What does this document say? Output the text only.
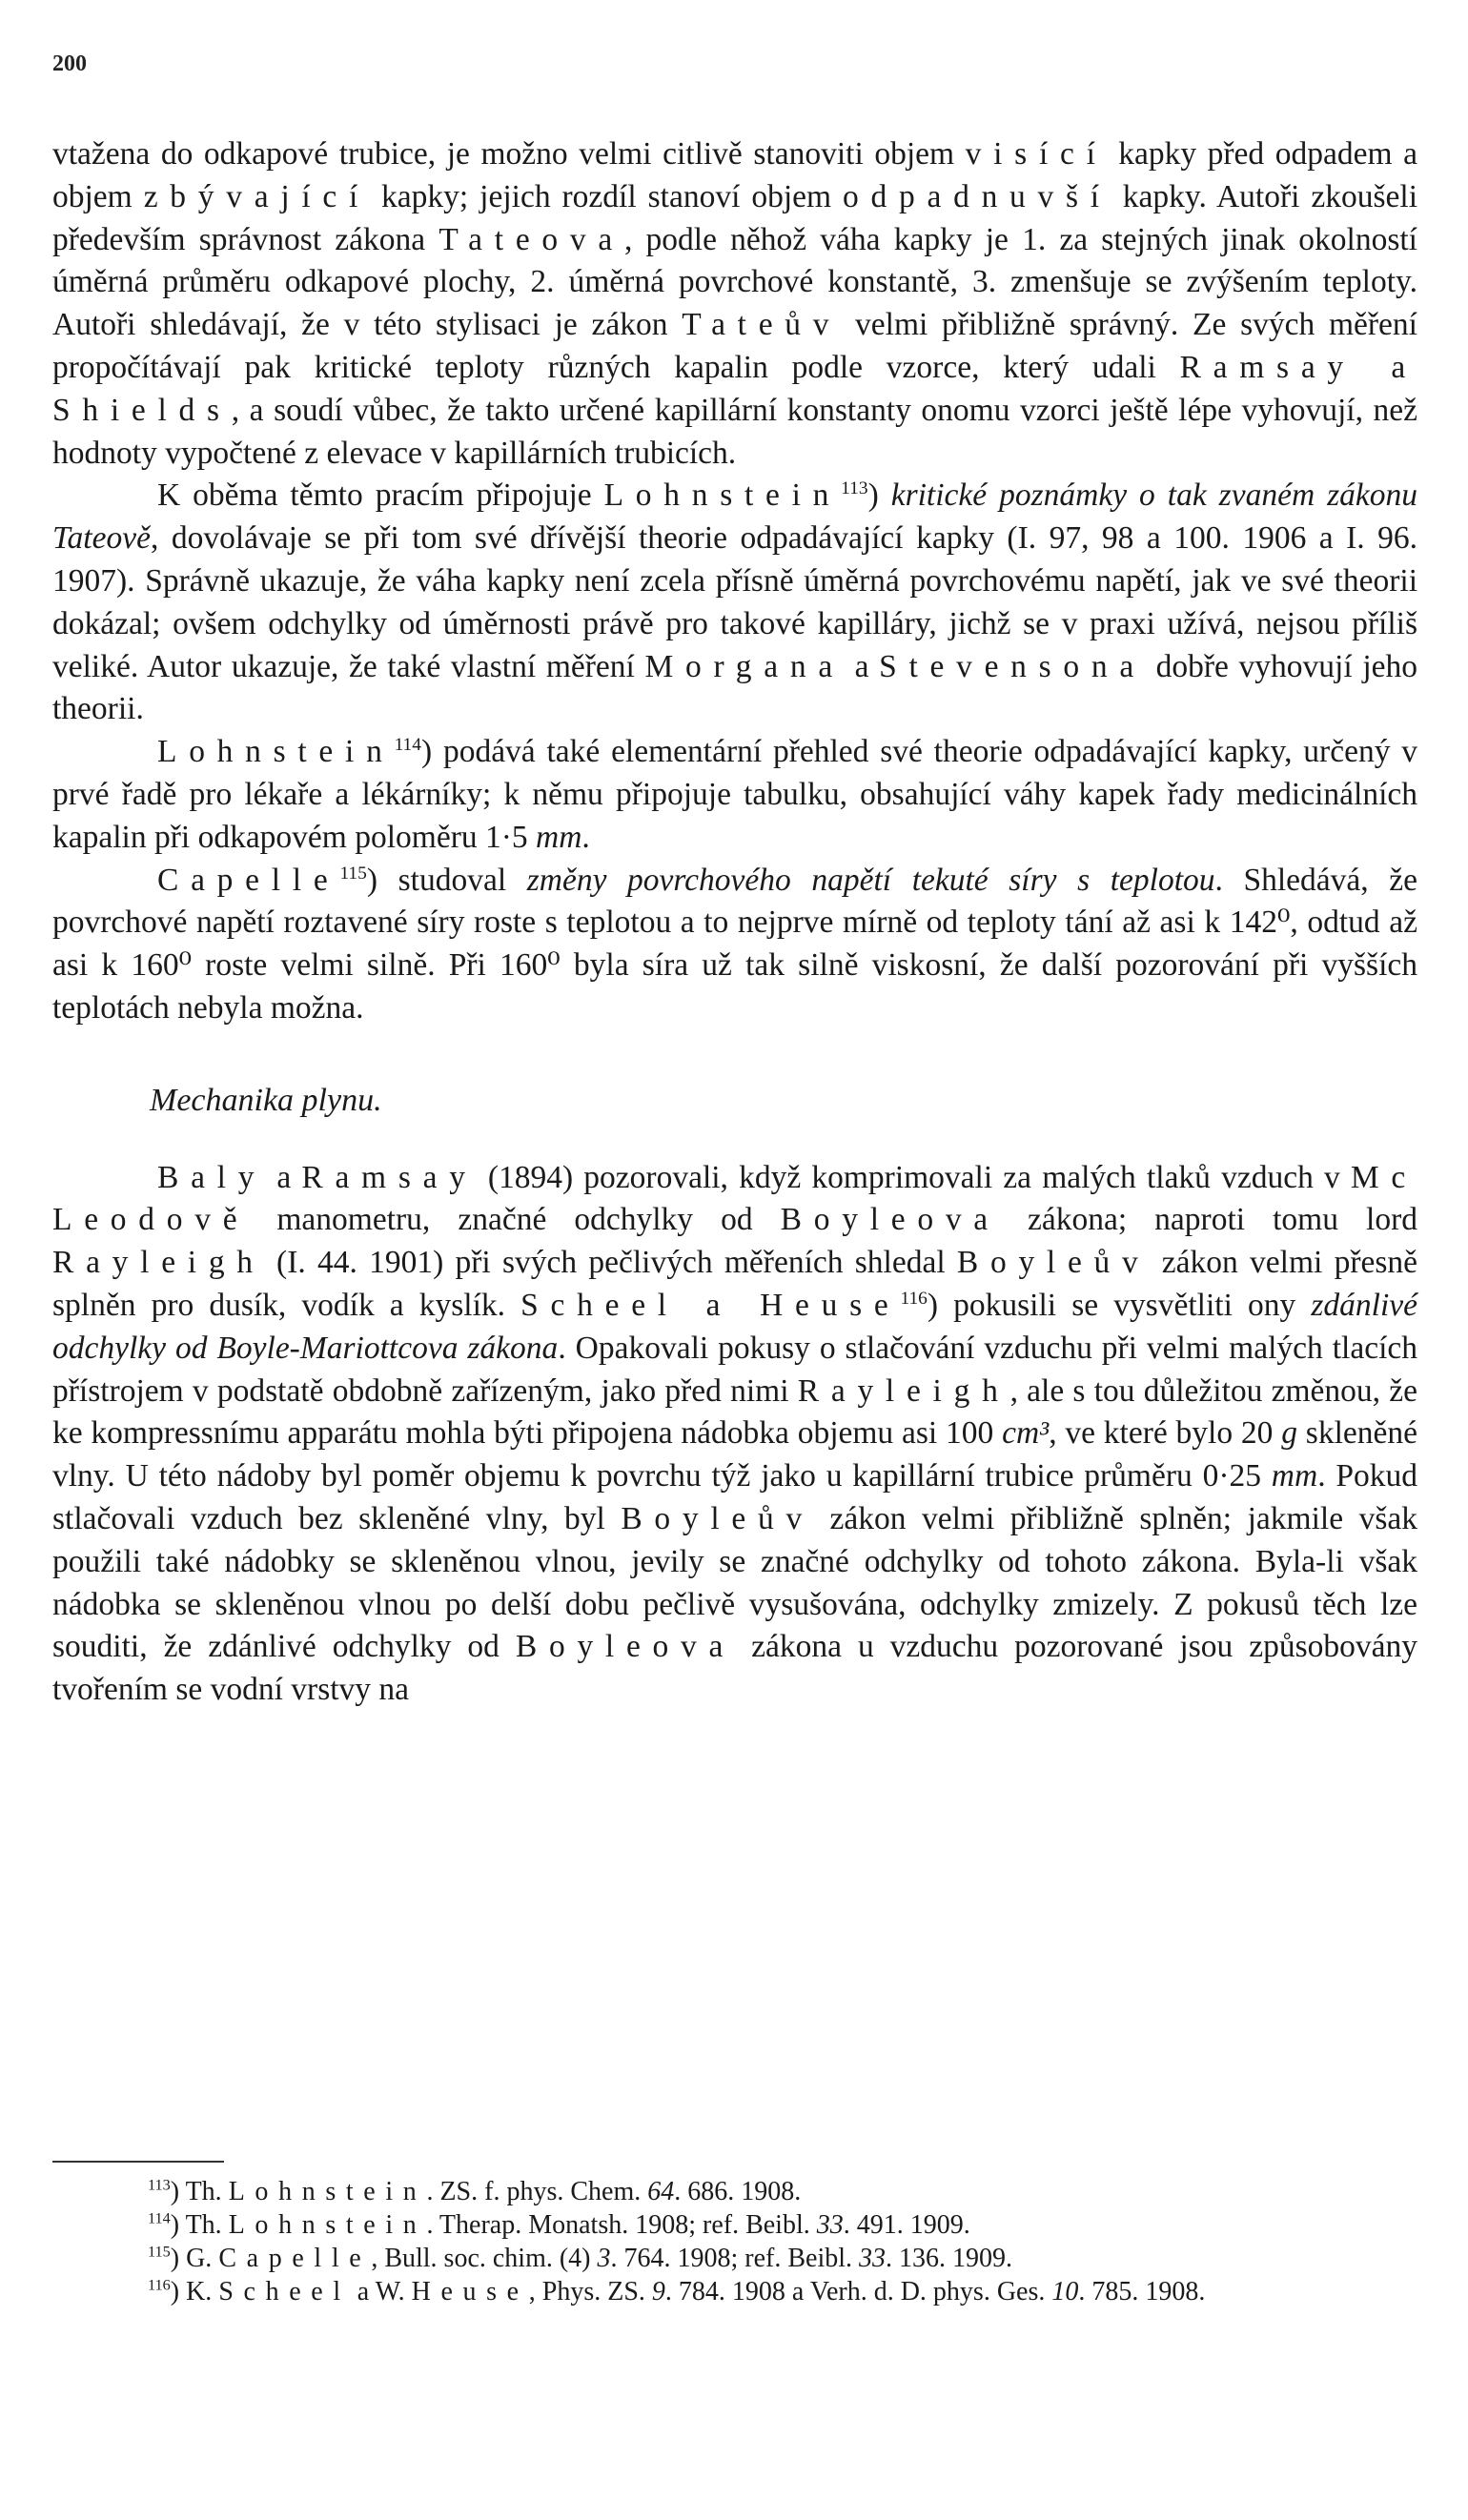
200

vtažena do odkapové trubice, je možno velmi citlivě stanoviti objem visící kapky před odpadem a objem zbývající kapky; jejich rozdíl stanoví objem odpadnuvší kapky. Autoři zkoušeli především správnost zákona Tateova, podle něhož váha kapky je 1. za stejných jinak okolností úměrná průměru odkapové plochy, 2. úměrná povrchové konstantě, 3. zmenšuje se zvýšením teploty. Autoři shledávají, že v této stylisaci je zákon Tateův velmi přibližně správný. Ze svých měření propočítávají pak kritické teploty různých kapalin podle vzorce, který udali Ramsay a Shields, a soudí vůbec, že takto určené kapillární konstanty onomu vzorci ještě lépe vyhovují, než hodnoty vypočtené z elevace v kapillárních trubicích.

K oběma těmto pracím připojuje Lohnstein$^{113}$) kritické poznámky o tak zvaném zákonu Tateově, dovolávaje se při tom své dřívější theorie odpadávající kapky (I. 97, 98 a 100. 1906 a I. 96. 1907). Správně ukazuje, že váha kapky není zcela přísně úměrná povrchovému napětí, jak ve své theorii dokázal; ovšem odchylky od úměrnosti právě pro takové kapilláry, jichž se v praxi užívá, nejsou příliš veliké. Autor ukazuje, že také vlastní měření Morgana a Stevensona dobře vyhovují jeho theorii.

Lohnstein$^{114}$) podává také elementární přehled své theorie odpadávající kapky, určený v prvé řadě pro lékaře a lékárníky; k němu připojuje tabulku, obsahující váhy kapek řady medicinálních kapalin při odkapovém poloměru 1·5 mm.

Capelle$^{115}$) studoval změny povrchového napětí tekuté síry s teplotou. Shledává, že povrchové napětí roztavené síry roste s teplotou a to nejprve mírně od teploty tání až asi k 142⁰, odtud až asi k 160⁰ roste velmi silně. Při 160⁰ byla síra už tak silně viskosní, že další pozorování při vyšších teplotách nebyla možna.

Mechanika plynu.

Baly a Ramsay (1894) pozorovali, když komprimovali za malých tlaků vzduch v Mc Leodově manometru, značné odchylky od Boyleova zákona; naproti tomu lord Rayleigh (I. 44. 1901) při svých pečlivých měřeních shledal Boyleův zákon velmi přesně splněn pro dusík, vodík a kyslík. Scheel a Heuse$^{116}$) pokusili se vysvětliti ony zdánlivé odchylky od Boyle-Mariottcova zákona. Opakovali pokusy o stlačování vzduchu při velmi malých tlacích přístrojem v podstatě obdobně zařízeným, jako před nimi Rayleigh, ale s tou důležitou změnou, že ke kompressnímu apparátu mohla býti připojena nádobka objemu asi 100 cm³, ve které bylo 20 g skleněné vlny. U této nádoby byl poměr objemu k povrchu týž jako u kapillární trubice průměru 0·25 mm. Pokud stlačovali vzduch bez skleněné vlny, byl Boyleův zákon velmi přibližně splněn; jakmile však použili také nádobky se skleněnou vlnou, jevily se značné odchylky od tohoto zákona. Byla-li však nádobka se skleněnou vlnou po delší dobu pečlivě vysušována, odchylky zmizely. Z pokusů těch lze souditi, že zdánlivé odchylky od Boyleova zákona u vzduchu pozorované jsou způsobovány tvořením se vodní vrstvy na

$^{113}$) Th. Lohnstein. ZS. f. phys. Chem. 64. 686. 1908.

$^{114}$) Th. Lohnstein. Therap. Monatsh. 1908; ref. Beibl. 33. 491. 1909.

$^{115}$) G. Capelle, Bull. soc. chim. (4) 3. 764. 1908; ref. Beibl. 33. 136. 1909.

$^{116}$) K. Scheel a W. Heuse, Phys. ZS. 9. 784. 1908 a Verh. d. D. phys. Ges. 10. 785. 1908.
